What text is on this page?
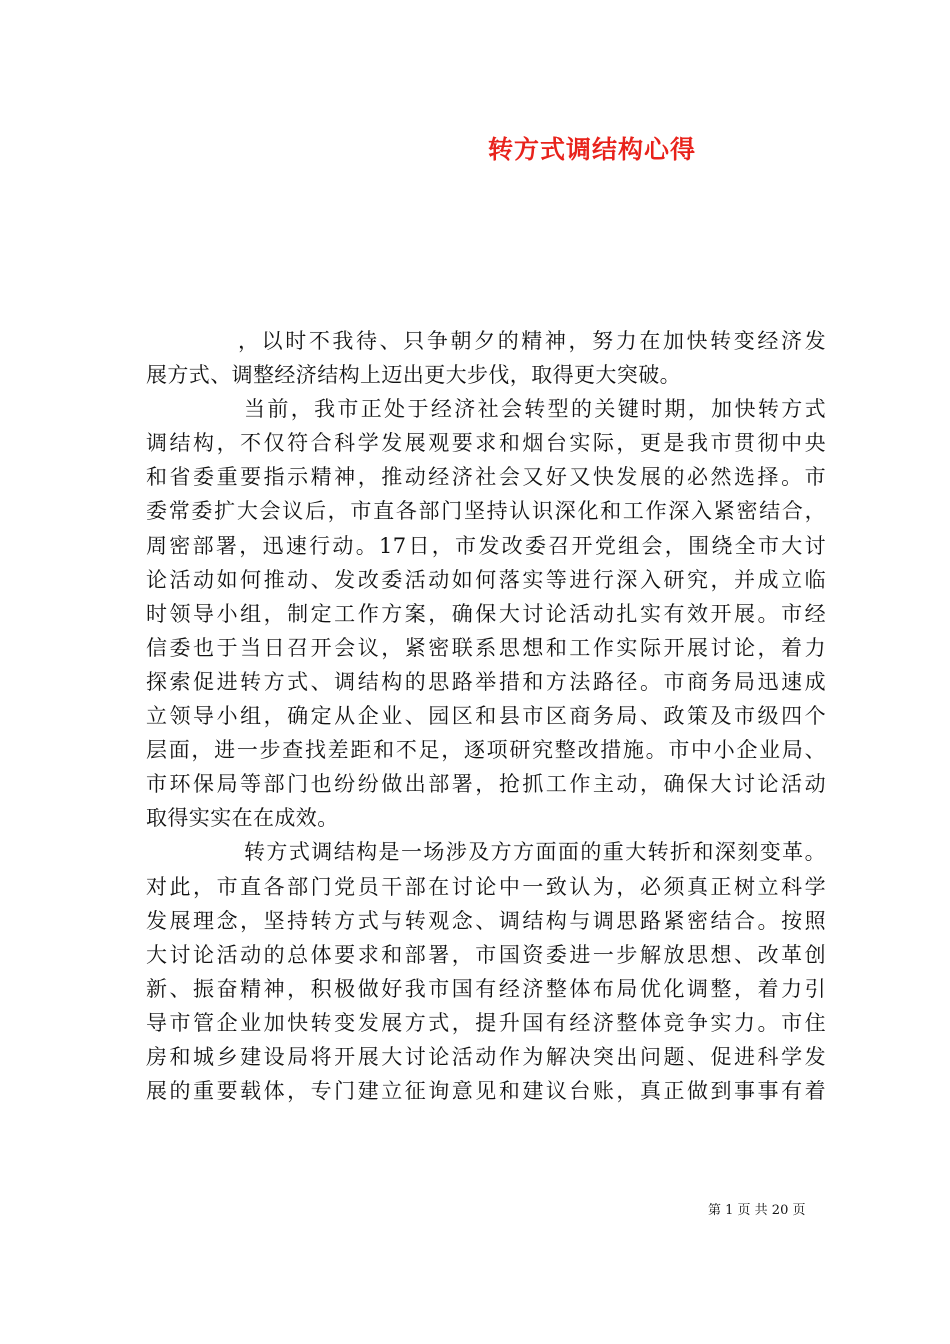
转方式调结构心得
，以时不我待、只争朝夕的精神，努力在加快转变经济发
展方式、调整经济结构上迈出更大步伐，取得更大突破。
当前，我市正处于经济社会转型的关键时期，加快转方式
调结构，不仅符合科学发展观要求和烟台实际，更是我市贯彻中央
和省委重要指示精神，推动经济社会又好又快发展的必然选择。市
委常委扩大会议后，市直各部门坚持认识深化和工作深入紧密结合，
周密部署，迅速行动。17日，市发改委召开党组会，围绕全市大讨
论活动如何推动、发改委活动如何落实等进行深入研究，并成立临
时领导小组，制定工作方案，确保大讨论活动扎实有效开展。市经
信委也于当日召开会议，紧密联系思想和工作实际开展讨论，着力
探索促进转方式、调结构的思路举措和方法路径。市商务局迅速成
立领导小组，确定从企业、园区和县市区商务局、政策及市级四个
层面，进一步查找差距和不足，逐项研究整改措施。市中小企业局、
市环保局等部门也纷纷做出部署，抢抓工作主动，确保大讨论活动
取得实实在在成效。
转方式调结构是一场涉及方方面面的重大转折和深刻变革。
对此，市直各部门党员干部在讨论中一致认为，必须真正树立科学
发展理念，坚持转方式与转观念、调结构与调思路紧密结合。按照
大讨论活动的总体要求和部署，市国资委进一步解放思想、改革创
新、振奋精神，积极做好我市国有经济整体布局优化调整，着力引
导市管企业加快转变发展方式，提升国有经济整体竞争实力。市住
房和城乡建设局将开展大讨论活动作为解决突出问题、促进科学发
展的重要载体，专门建立征询意见和建议台账，真正做到事事有着

第 1 页 共 20 页
